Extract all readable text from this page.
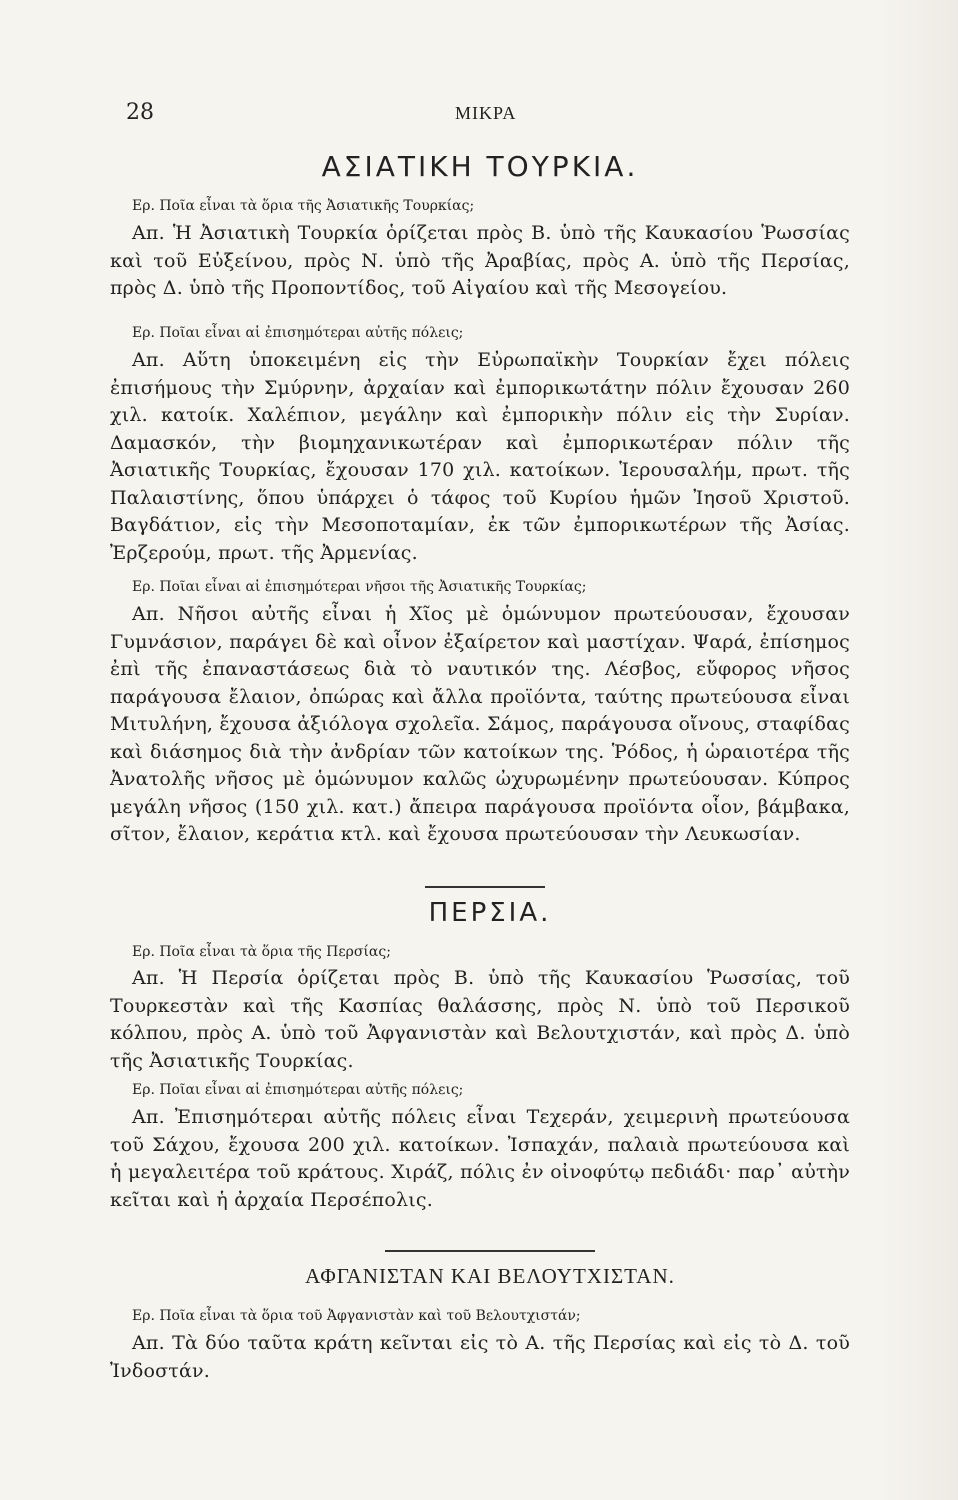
28	ΜΙΚΡΑ
ΑΣΙΑΤΙΚΗ ΤΟΥΡΚΙΑ.

Ερ. Ποῖα εἶναι τὰ ὅρια τῆς Ἀσιατικῆς Τουρκίας;

Απ. Ἡ Ἀσιατικὴ Τουρκία ὁρίζεται πρὸς Β. ὑπὸ τῆς Καυκασίου Ῥωσσίας καὶ τοῦ Εὐξείνου, πρὸς Ν. ὑπὸ τῆς Ἀραβίας, πρὸς Α. ὑπὸ τῆς Περσίας, πρὸς Δ. ὑπὸ τῆς Προποντίδος, τοῦ Αἰγαίου καὶ τῆς Μεσογείου.

Ερ. Ποῖαι εἶναι αἱ ἐπισημότεραι αὐτῆς πόλεις;

Απ. Αὕτη ὑποκειμένη εἰς τὴν Εὐρωπαϊκὴν Τουρκίαν ἔχει πόλεις ἐπισήμους τὴν Σμύρνην, ἀρχαίαν καὶ ἐμπορικωτάτην πόλιν ἔχουσαν 260 χιλ. κατοίκ. Χαλέπιον, μεγάλην καὶ ἐμπορικὴν πόλιν εἰς τὴν Συρίαν. Δαμασκόν, τὴν βιομηχανικωτέραν καὶ ἐμπορικωτέραν πόλιν τῆς Ἀσιατικῆς Τουρκίας, ἔχουσαν 170 χιλ. κατοίκων. Ἱερουσαλήμ, πρωτ. τῆς Παλαιστίνης, ὅπου ὑπάρχει ὁ τάφος τοῦ Κυρίου ἡμῶν Ἰησοῦ Χριστοῦ. Βαγδάτιον, εἰς τὴν Μεσοποταμίαν, ἐκ τῶν ἐμπορικωτέρων τῆς Ἀσίας. Ἐρζερούμ, πρωτ. τῆς Ἀρμενίας.

Ερ. Ποῖαι εἶναι αἱ ἐπισημότεραι νῆσοι τῆς Ἀσιατικῆς Τουρκίας;

Απ. Νῆσοι αὐτῆς εἶναι ἡ Χῖος μὲ ὁμώνυμον πρωτεύουσαν, ἔχουσαν Γυμνάσιον, παράγει δὲ καὶ οἶνον ἐξαίρετον καὶ μαστίχαν. Ψαρά, ἐπίσημος ἐπὶ τῆς ἐπαναστάσεως διὰ τὸ ναυτικόν της. Λέσβος, εὔφορος νῆσος παράγουσα ἔλαιον, ὀπώρας καὶ ἄλλα προϊόντα, ταύτης πρωτεύουσα εἶναι Μιτυλήνη, ἔχουσα ἀξιόλογα σχολεῖα. Σάμος, παράγουσα οἴνους, σταφίδας καὶ διάσημος διὰ τὴν ἀνδρίαν τῶν κατοίκων της. Ῥόδος, ἡ ὡραιοτέρα τῆς Ἀνατολῆς νῆσος μὲ ὁμώνυμον καλῶς ὠχυρωμένην πρωτεύουσαν. Κύπρος μεγάλη νῆσος (150 χιλ. κατ.) ἄπειρα παράγουσα προϊόντα οἷον, βάμβακα, σῖτον, ἔλαιον, κεράτια κτλ. καὶ ἔχουσα πρωτεύουσαν τὴν Λευκωσίαν.

ΠΕΡΣΙΑ.

Ερ. Ποῖα εἶναι τὰ ὅρια τῆς Περσίας;

Απ. Ἡ Περσία ὁρίζεται πρὸς Β. ὑπὸ τῆς Καυκασίου Ῥωσσίας, τοῦ Τουρκεστὰν καὶ τῆς Κασπίας θαλάσσης, πρὸς Ν. ὑπὸ τοῦ Περσικοῦ κόλπου, πρὸς Α. ὑπὸ τοῦ Ἀφγανιστὰν καὶ Βελουτχιστάν, καὶ πρὸς Δ. ὑπὸ τῆς Ἀσιατικῆς Τουρκίας.

Ερ. Ποῖαι εἶναι αἱ ἐπισημότεραι αὐτῆς πόλεις;

Απ. Ἐπισημότεραι αὐτῆς πόλεις εἶναι Τεχεράν, χειμερινὴ πρωτεύουσα τοῦ Σάχου, ἔχουσα 200 χιλ. κατοίκων. Ἰσπαχάν, παλαιὰ πρωτεύουσα καὶ ἡ μεγαλειτέρα τοῦ κράτους. Χιράζ, πόλις ἐν οἰνοφύτῳ πεδιάδι· παρ᾽ αὐτὴν κεῖται καὶ ἡ ἀρχαία Περσέπολις.

ΑΦΓΑΝΙΣΤΑΝ ΚΑΙ ΒΕΛΟΥΤΧΙΣΤΑΝ.

Ερ. Ποῖα εἶναι τὰ ὅρια τοῦ Ἀφγανιστὰν καὶ τοῦ Βελουτχιστάν;

Απ. Τὰ δύο ταῦτα κράτη κεῖνται εἰς τὸ Α. τῆς Περσίας καὶ εἰς τὸ Δ. τοῦ Ἰνδοστάν.
